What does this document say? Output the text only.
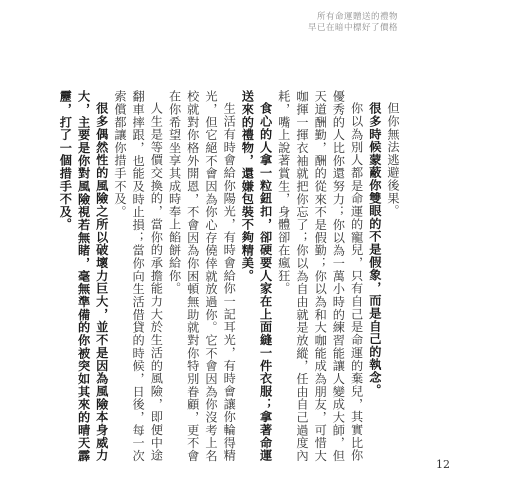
所有命運贈送的禮物
早已在暗中標好了價格

但你無法逃避後果。

很多時候蒙蔽你雙眼的不是假象，而是自己的執念。

你以為別人都是命運的寵兒，只有自己是命運的棄兒，其實比你優秀的人比你還努力；你以為一萬小時的練習能讓人變成大師，但天道酬勤，酬的從來不是假勤；你以為和大咖能成為朋友，可惜大咖揮一揮衣袖就把你忘了；你以為自由就是放縱，任由自己過度內耗，嘴上說著賞生，身體卻在瘋狂。

食心的人拿一粒鈕扣，卻硬要人家在上面縫一件衣服；拿著命運送來的禮物，還嫌包裝不夠精美。

生活有時會給你陽光，有時會給你一記耳光，有時會讓你輪得精光，但它絕不會因為你心存僥倖就放過你。它不會因為你沒考上名校就對你格外開恩，不會因為你困頓無助就對你特別眷顧，更不會在你希望坐享其成時奉上餡餅給你。

人生是等價交換的，當你的承擔能力大於生活的風險，即便中途翻車摔跟，也能及時止損；當你向生活借貸的時候，日後，每一次索償都讓你措手不及。

很多偶然性的風險之所以破壞力巨大，並不是因為風險本身威力大，主要是你對風險視若無睹，毫無準備的你被突如其來的晴天霹靂，打了一個措手不及。

12
